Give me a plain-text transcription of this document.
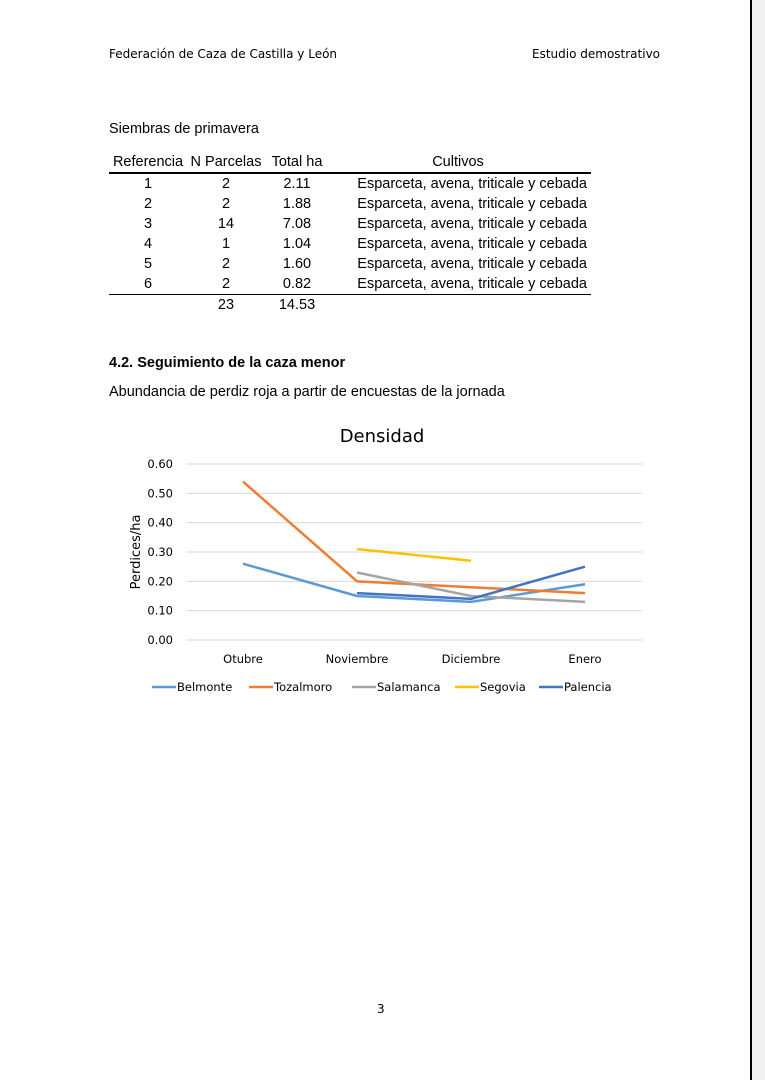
Federación de Caza de Castilla y León	Estudio demostrativo
Siembras de primavera
Referencia	N Parcelas	Total ha	Cultivos
1	2	2.11	Esparceta, avena, triticale y cebada
2	2	1.88	Esparceta, avena, triticale y cebada
3	14	7.08	Esparceta, avena, triticale y cebada
4	1	1.04	Esparceta, avena, triticale y cebada
5	2	1.60	Esparceta, avena, triticale y cebada
6	2	0.82	Esparceta, avena, triticale y cebada
	23	14.53	
4.2. Seguimiento de la caza menor
Abundancia de perdiz roja a partir de encuestas de la jornada
Densidad
0.00
0.10
0.20
0.30
0.40
0.50
0.60
Otubre	Noviembre	Diciembre	Enero
Perdices/ha
Belmonte	Tozalmoro	Salamanca	Segovia	Palencia
3
